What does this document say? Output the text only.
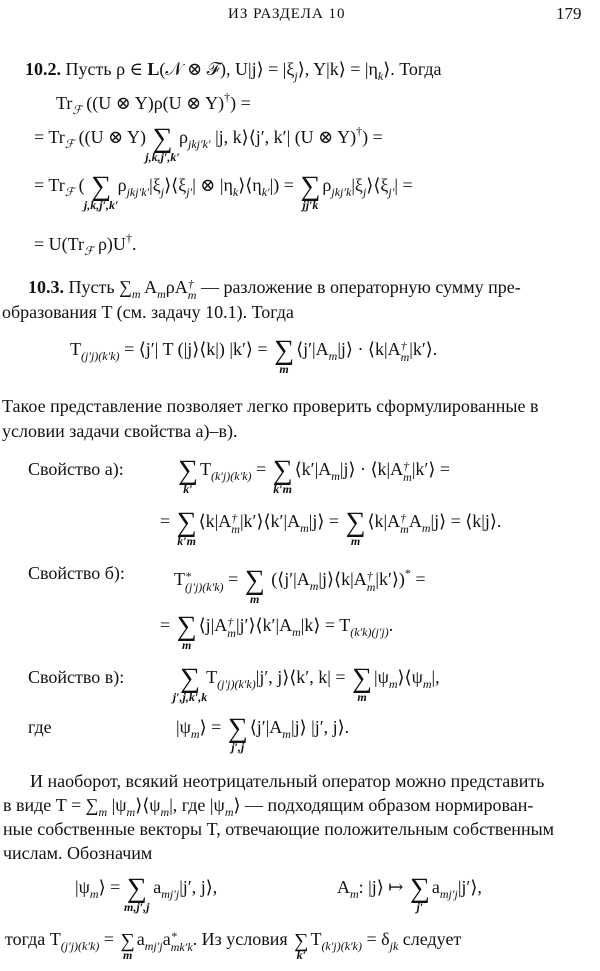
ИЗ РАЗДЕЛА 10	179
10.2. Пусть ρ ∈ L(𝒩 ⊗ ℱ), U|j⟩ = $|\xi_j⟩$, Y|k⟩ = $|\eta_k⟩$. Тогда
$Tr_ℱ$ ((U ⊗ Y)ρ(U ⊗ Y)†) =
= $Tr_ℱ$ ((U ⊗ Y) ∑
j,k,j′,k′
$\rho_{jkj'k'}$ |j, k⟩⟨j′, k′| (U ⊗ Y)†) =
= $Tr_ℱ$ ( ∑
j,k,j′,k′
$\rho_{jkj'k'}|\xi_j⟩⟨\xi_{j'}|$ ⊗ $|\eta_k⟩⟨\eta_{k'}|$) = ∑
jj′k
$\rho_{jkj'k}|\xi_j⟩⟨\xi_{j'}|$ =
= $U(Tr_ℱ$ ρ)U†.
10.3. Пусть $\sum_m$ $A_m\rho A$ †
m — разложение в операторную сумму пре-
образования T (см. задачу 10.1). Тогда
$T_{(j'j)(k'k)}$ = ⟨j′| T (|j⟩⟨k|) |k′⟩ = ∑
m
$⟨j'|A_m|j⟩$ · ⟨k|A †
m |k′⟩.
Такое представление позволяет легко проверить сформулированные в
условии задачи свойства а)–в).
Свойство а): ∑
k′
$T_{(k'j)(k'k)}$ = ∑
k′m
$⟨k'|A_m|j⟩$ · ⟨k|A †
m |k′⟩ =
= ∑
k′m
⟨k|A †
m $|k'⟩⟨k'|A_m|j⟩$ = ∑
m
⟨k|A †
m $A_m|j⟩$ = ⟨k|j⟩.
Свойство б):	T *
(j′j)(k′k) = ∑
m
($⟨j'|A_m|j⟩⟨k|A$ †
m |k′⟩)* =
= ∑
m
⟨j|A †
m $|j'⟩⟨k'|A_m|k⟩ = T_{(k'k)(j'j)}$.
Свойство в): ∑
j′,j,k′,k
$T_{(j'j)(k'k)}|j'$, j⟩⟨k′, k| = ∑
m
$|\psi_m⟩⟨\psi_m|$,
где	$|\psi_m⟩$ = ∑
j′,j
$⟨j'|A_m|j⟩$ |j′, j⟩.
И наоборот, всякий неотрицательный оператор можно представить
в виде $T = \sum_m$ $|\psi_m⟩⟨\psi_m|$, где $|\psi_m⟩$ — подходящим образом нормирован-
ные собственные векторы T, отвечающие положительным собственным
числам. Обозначим
$|\psi_m⟩$ = ∑
m,j′,j
$a_{mj'j}|j'$, j⟩,	$A_m$: |j⟩ ↦ ∑
j′
$a_{mj'j}|j'⟩$,
тогда $T_{(j'j)(k'k)}$ = ∑
m
$a_{mj'j}a$ *
mk′k . Из условия ∑
k′
$T_{(k'j)(k'k)} = \delta_{jk}$ следует
